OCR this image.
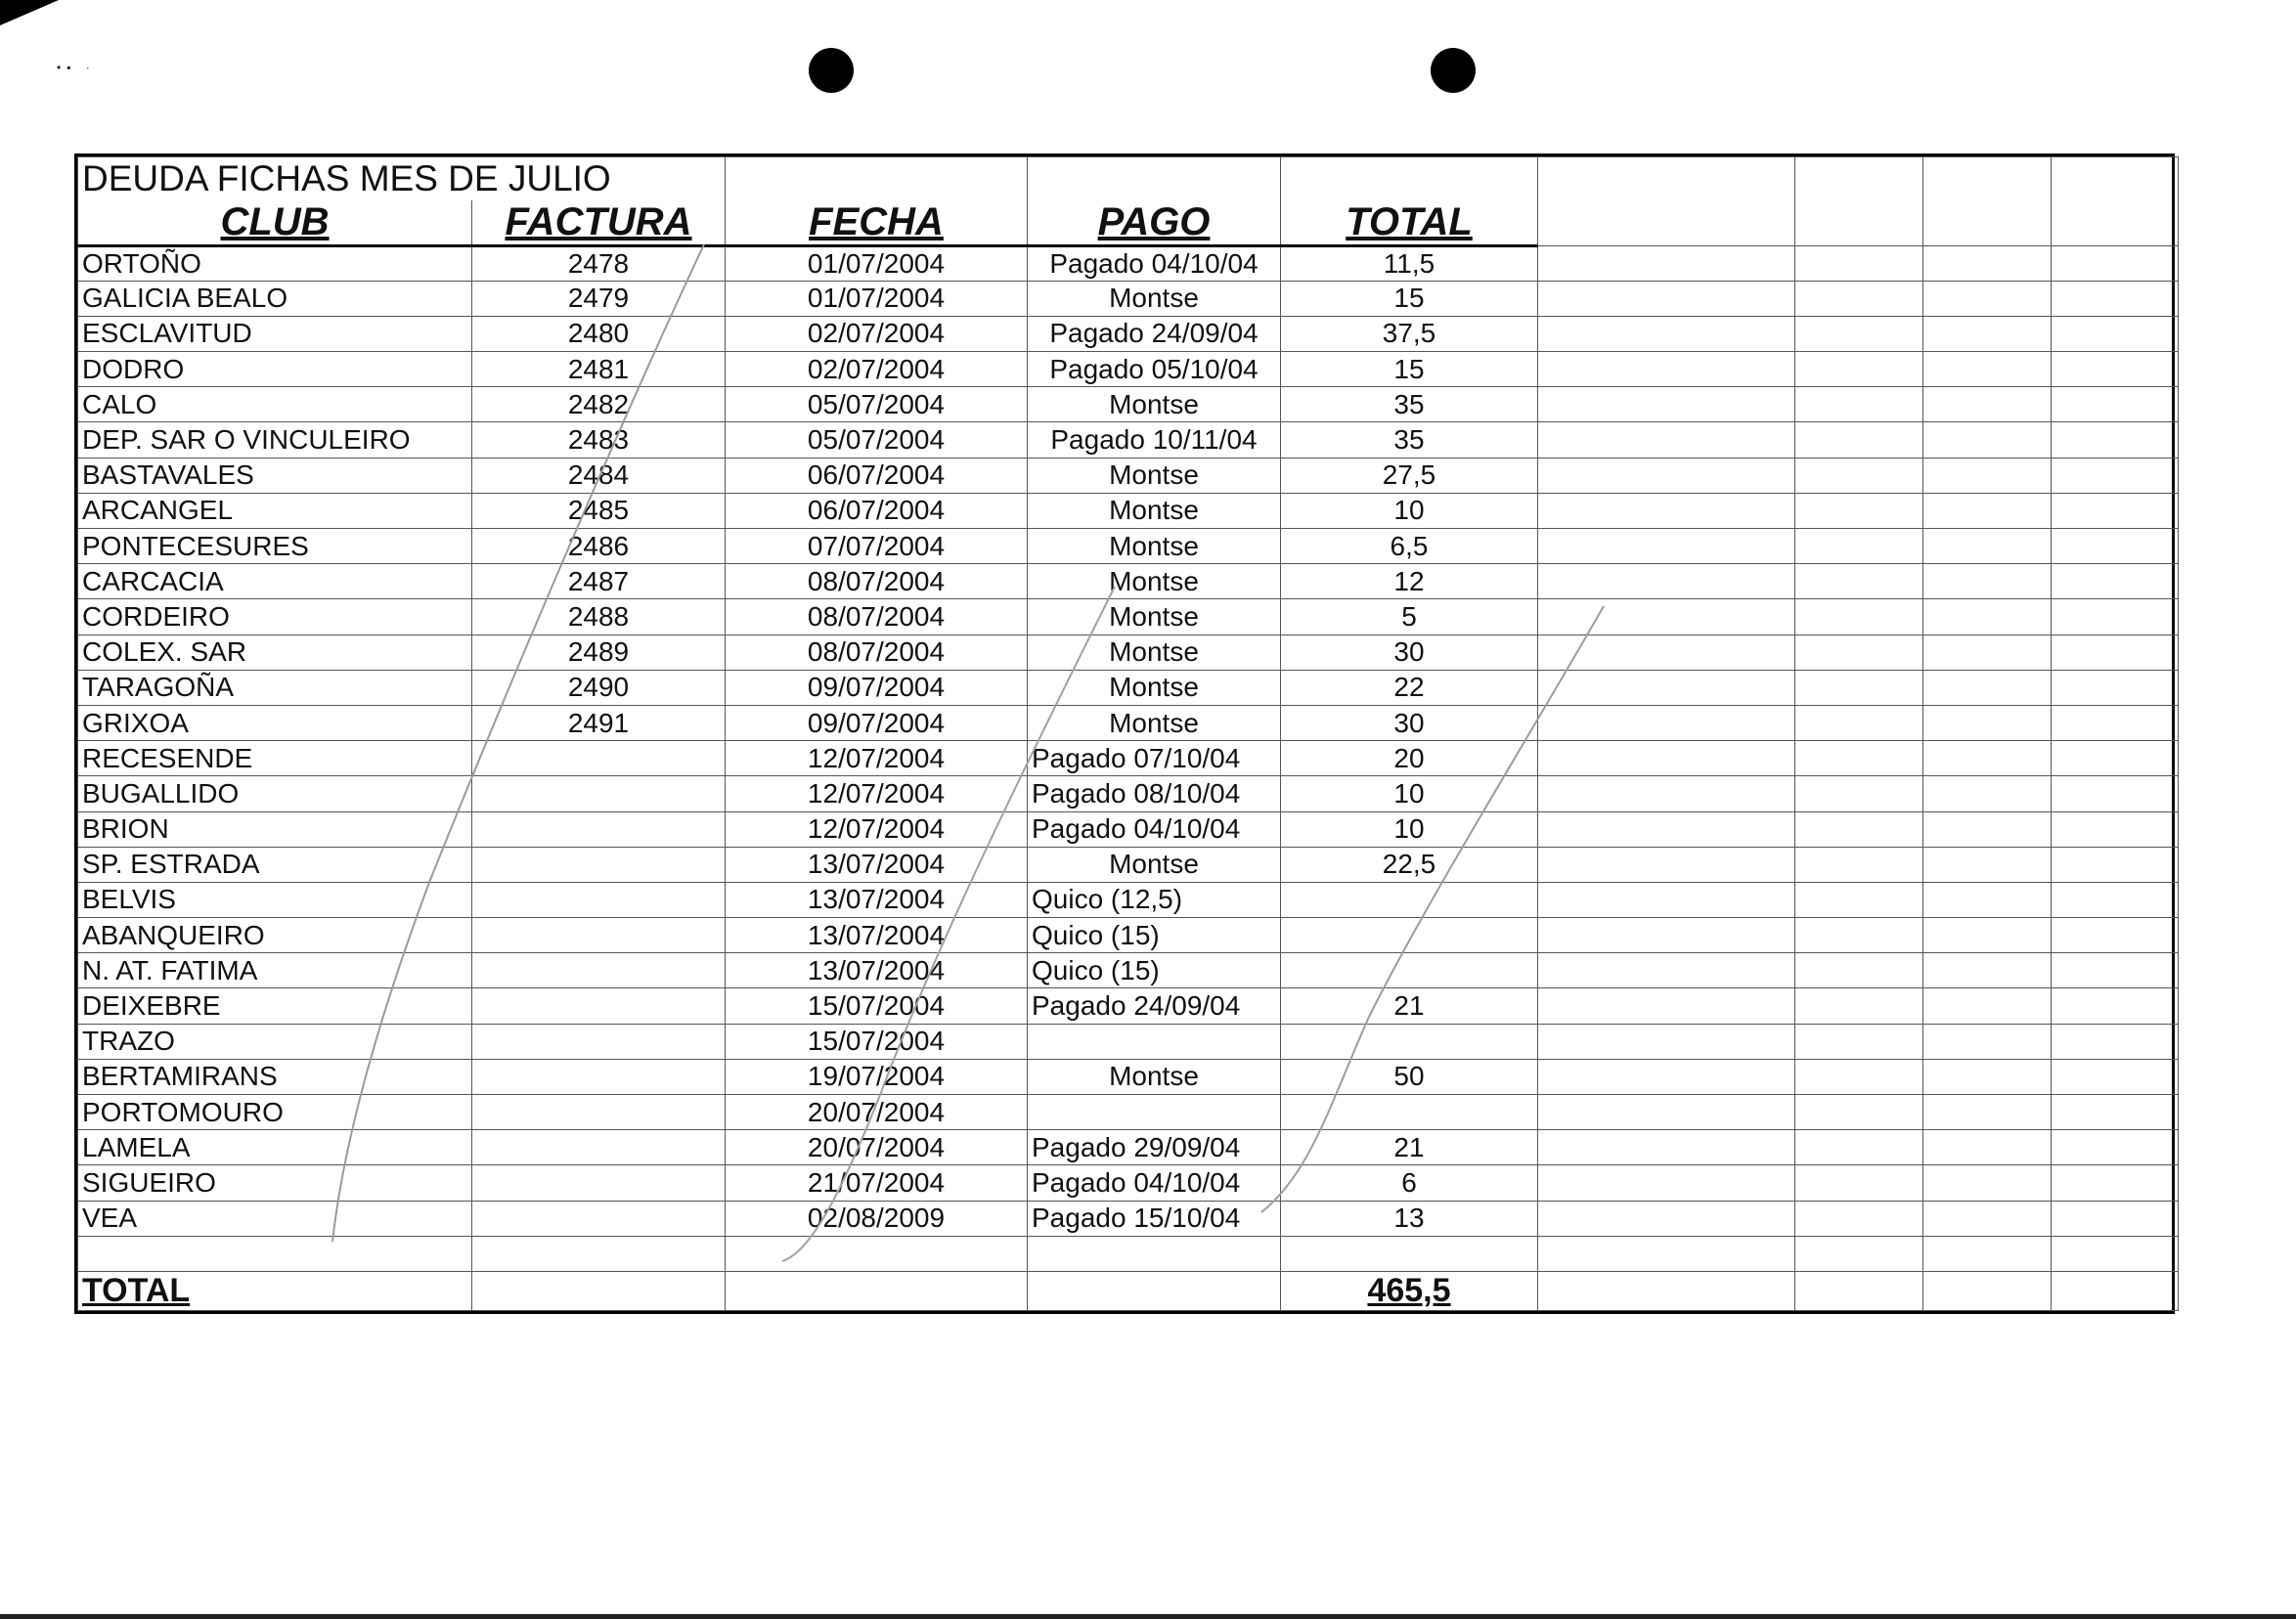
•▪ ·
DEUDA FICHAS MES DE JULIO								
CLUB	FACTURA	FECHA	PAGO	TOTAL				
ORTOÑO	2478	01/07/2004	Pagado 04/10/04	11,5				
GALICIA BEALO	2479	01/07/2004	Montse	15				
ESCLAVITUD	2480	02/07/2004	Pagado 24/09/04	37,5				
DODRO	2481	02/07/2004	Pagado 05/10/04	15				
CALO	2482	05/07/2004	Montse	35				
DEP. SAR O VINCULEIRO	2483	05/07/2004	Pagado 10/11/04	35				
BASTAVALES	2484	06/07/2004	Montse	27,5				
ARCANGEL	2485	06/07/2004	Montse	10				
PONTECESURES	2486	07/07/2004	Montse	6,5				
CARCACIA	2487	08/07/2004	Montse	12				
CORDEIRO	2488	08/07/2004	Montse	5				
COLEX. SAR	2489	08/07/2004	Montse	30				
TARAGOÑA	2490	09/07/2004	Montse	22				
GRIXOA	2491	09/07/2004	Montse	30				
RECESENDE		12/07/2004	Pagado 07/10/04	20				
BUGALLIDO		12/07/2004	Pagado 08/10/04	10				
BRION		12/07/2004	Pagado 04/10/04	10				
SP. ESTRADA		13/07/2004	Montse	22,5				
BELVIS		13/07/2004	Quico (12,5)					
ABANQUEIRO		13/07/2004	Quico (15)					
N. AT. FATIMA		13/07/2004	Quico (15)					
DEIXEBRE		15/07/2004	Pagado 24/09/04	21				
TRAZO		15/07/2004						
BERTAMIRANS		19/07/2004	Montse	50				
PORTOMOURO		20/07/2004						
LAMELA		20/07/2004	Pagado 29/09/04	21				
SIGUEIRO		21/07/2004	Pagado 04/10/04	6				
VEA		02/08/2009	Pagado 15/10/04	13				

TOTAL				465,5				
